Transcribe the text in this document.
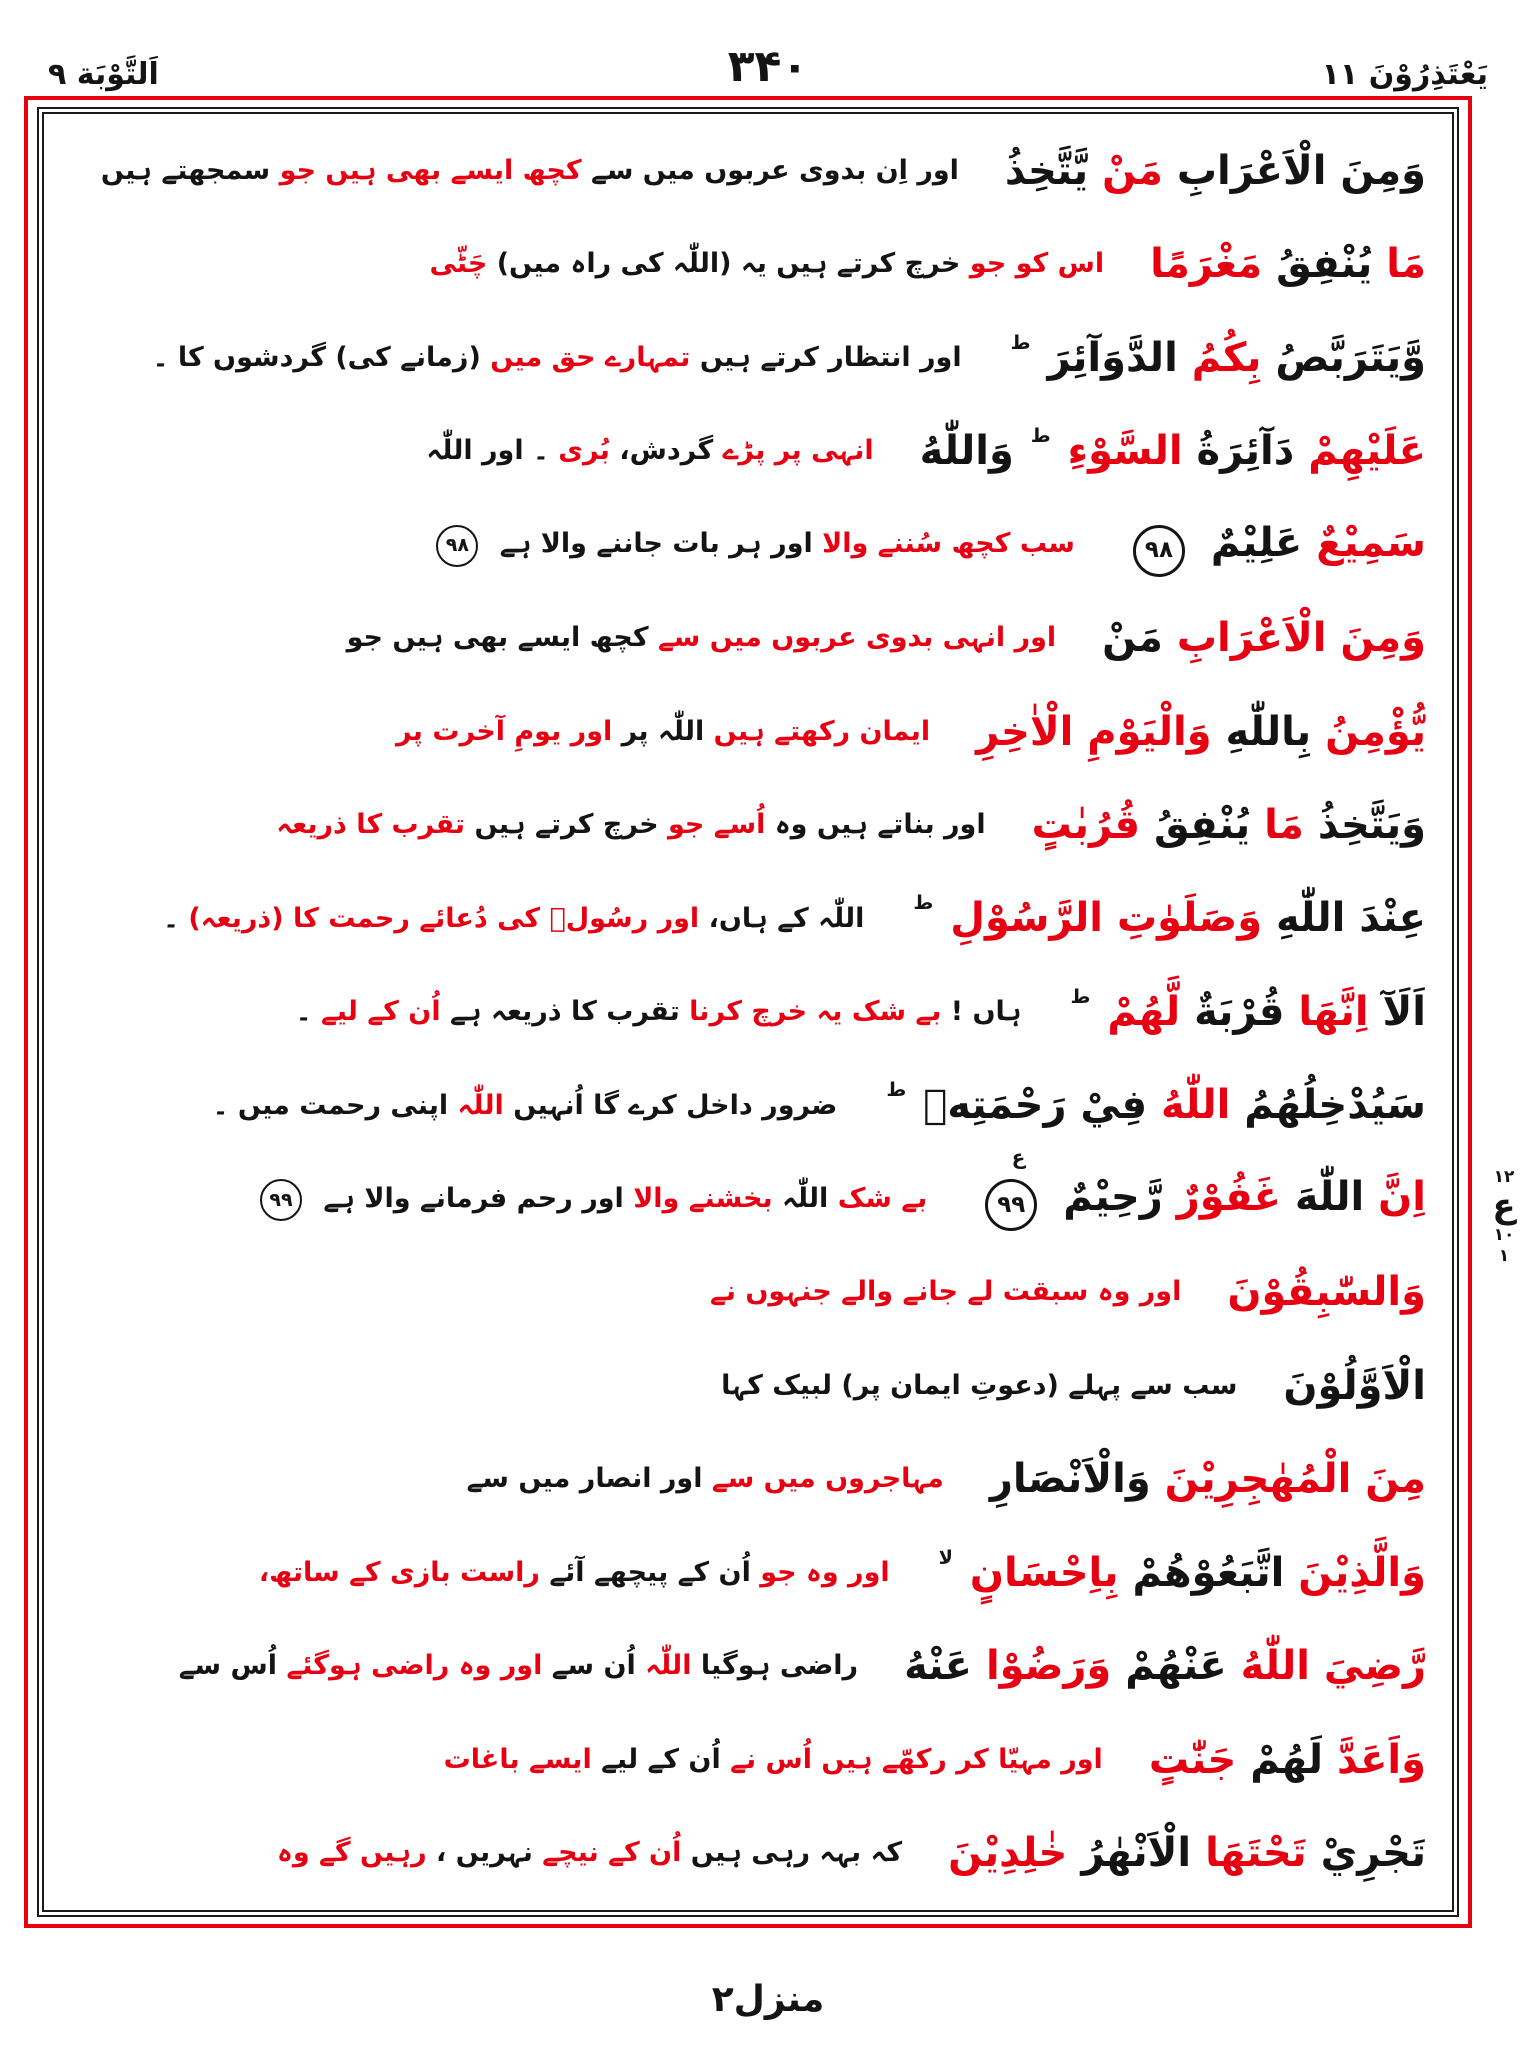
اَلتَّوْبَة ٩	۳۴۰	يَعْتَذِرُوْنَ ١١
وَمِنَ الْاَعْرَابِ مَنْ يَّتَّخِذُ
اور اِن بدوی عربوں میں سے کچھ ایسے بھی ہیں جو سمجھتے ہیں
مَا يُنْفِقُ مَغْرَمًا
اس کو جو خرچ کرتے ہیں یہ (اللّٰہ کی راہ میں) چَٹّی
وَّيَتَرَبَّصُ بِكُمُ الدَّوَآئِرَ $^ط$
اور انتظار کرتے ہیں تمہارے حق میں (زمانے کی) گردشوں کا ۔
عَلَيْهِمْ دَآئِرَةُ السَّوْءِ $^ط$ وَاللّٰهُ
انہی پر پڑے گردش، بُری ۔ اور اللّٰہ
سَمِيْعٌ عَلِيْمٌ ۹۸
سب کچھ سُننے والا اور ہر بات جاننے والا ہے ۹۸
وَمِنَ الْاَعْرَابِ مَنْ
اور انہی بدوی عربوں میں سے کچھ ایسے بھی ہیں جو
يُّؤْمِنُ بِاللّٰهِ وَالْيَوْمِ الْاٰخِرِ
ایمان رکھتے ہیں اللّٰہ پر اور یومِ آخرت پر
وَيَتَّخِذُ مَا يُنْفِقُ قُرُبٰتٍ
اور بناتے ہیں وہ اُسے جو خرچ کرتے ہیں تقرب کا ذریعہ
عِنْدَ اللّٰهِ وَصَلَوٰتِ الرَّسُوْلِ $^ط$
اللّٰہ کے ہاں، اور رسُولؐ کی دُعائے رحمت کا (ذریعہ) ۔
اَلَآ اِنَّهَا قُرْبَةٌ لَّهُمْ $^ط$
ہاں ! بے شک یہ خرچ کرنا تقرب کا ذریعہ ہے اُن کے لیے ۔
سَيُدْخِلُهُمُ اللّٰهُ فِيْ رَحْمَتِهٖ $^ط$
ضرور داخل کرے گا اُنہیں اللّٰہ اپنی رحمت میں ۔
اِنَّ اللّٰهَ غَفُوْرٌ رَّحِيْمٌ
ع
۹۹
بے شک اللّٰہ بخشنے والا اور رحم فرمانے والا ہے ۹۹
وَالسّٰبِقُوْنَ
اور وہ سبقت لے جانے والے جنہوں نے
الْاَوَّلُوْنَ
سب سے پہلے (دعوتِ ایمان پر) لبیک کہا
مِنَ الْمُهٰجِرِيْنَ وَالْاَنْصَارِ
مہاجروں میں سے اور انصار میں سے
وَالَّذِيْنَ اتَّبَعُوْهُمْ بِاِحْسَانٍ $^{لا}$
اور وہ جو اُن کے پیچھے آئے راست بازی کے ساتھ،
رَّضِيَ اللّٰهُ عَنْهُمْ وَرَضُوْا عَنْهُ
راضی ہوگیا اللّٰہ اُن سے اور وہ راضی ہوگئے اُس سے
وَاَعَدَّ لَهُمْ جَنّٰتٍ
اور مہیّا کر رکھّے ہیں اُس نے اُن کے لیے ایسے باغات
تَجْرِيْ تَحْتَهَا الْاَنْهٰرُ خٰلِدِيْنَ
کہ بہہ رہی ہیں اُن کے نیچے نہریں ، رہیں گے وہ
١٢
ع
١٠
١
منزل۲
